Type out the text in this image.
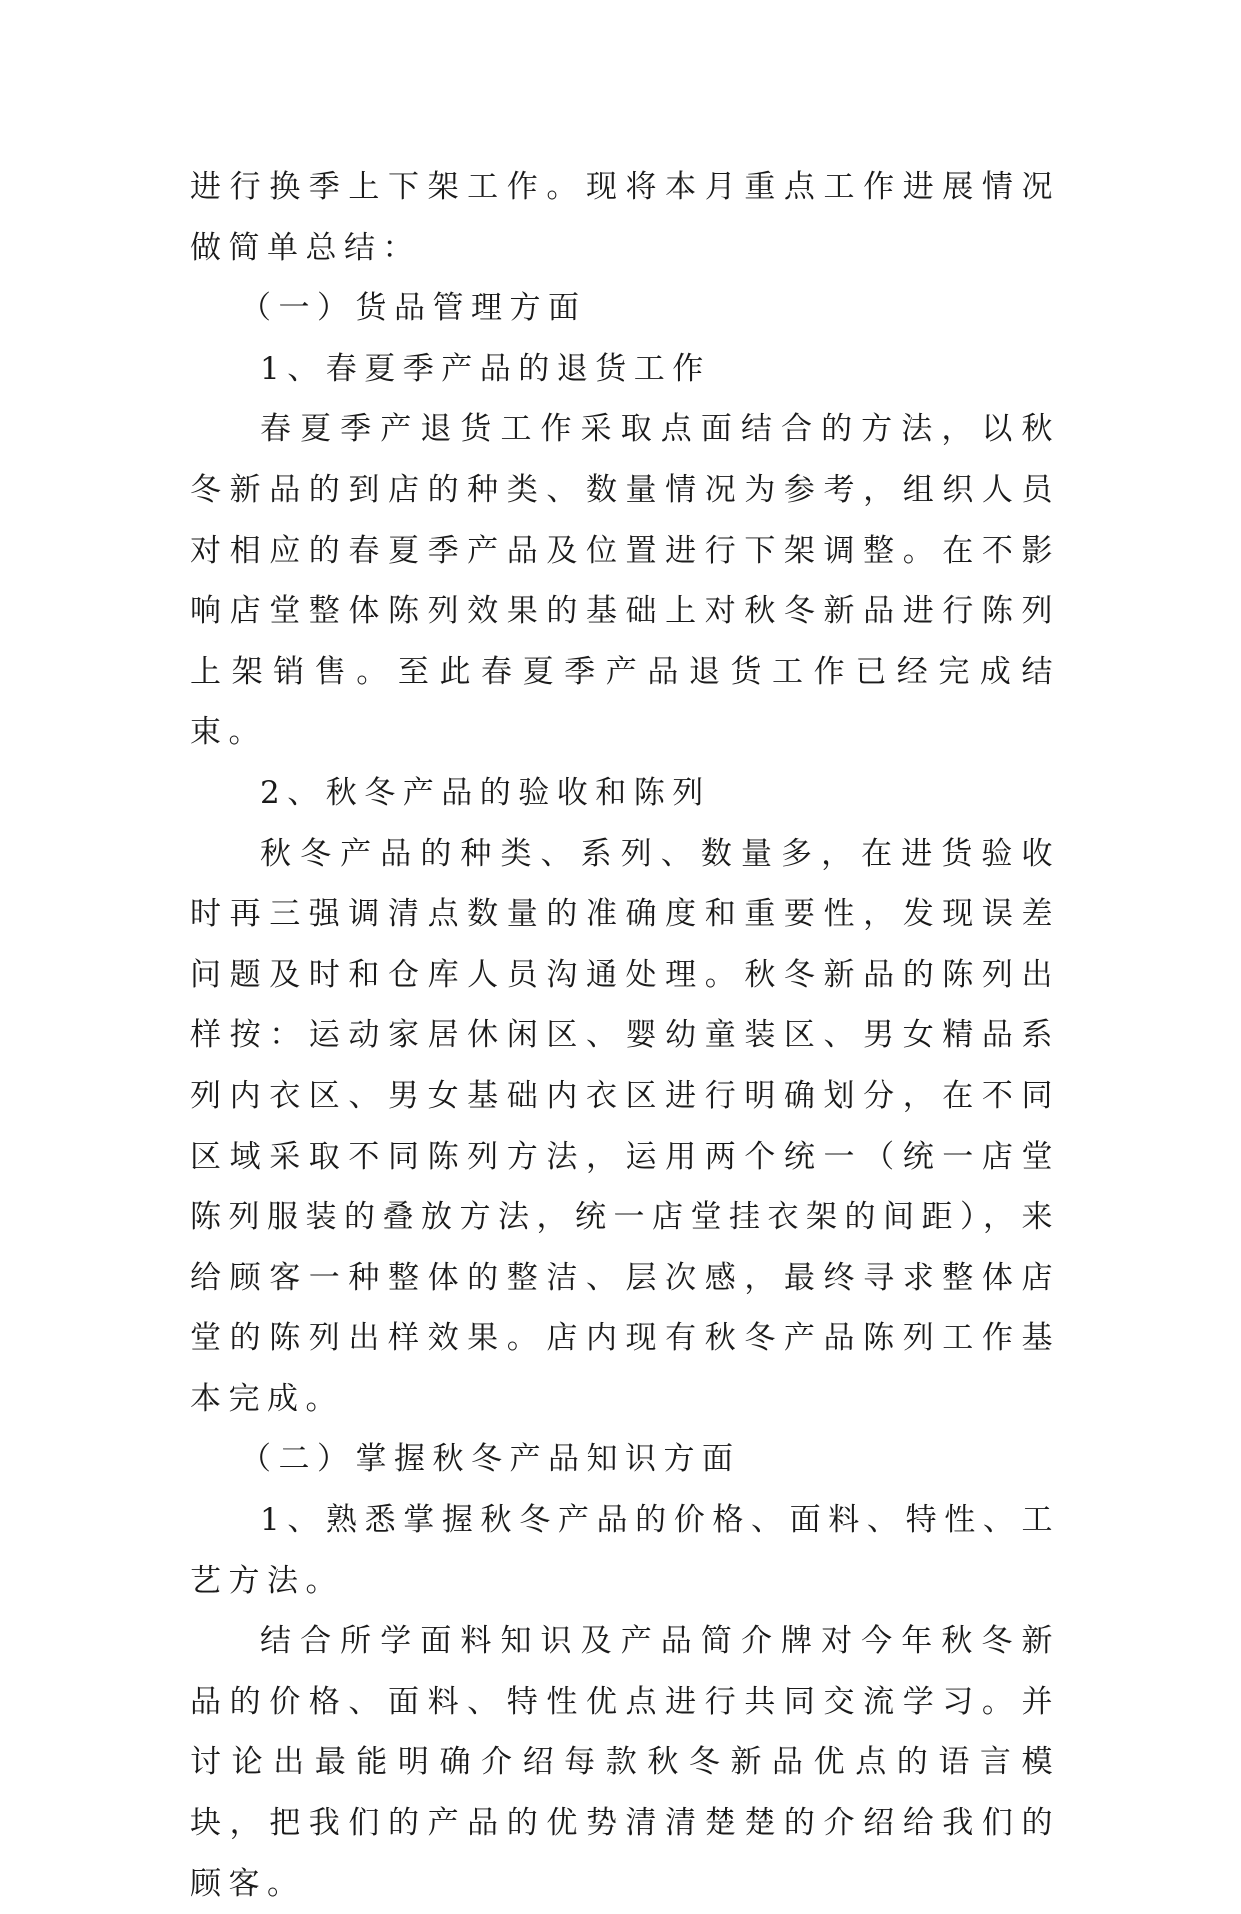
进行换季上下架工作。现将本月重点工作进展情况做简单总结：

（一）货品管理方面

1、春夏季产品的退货工作

春夏季产退货工作采取点面结合的方法，以秋冬新品的到店的种类、数量情况为参考，组织人员对相应的春夏季产品及位置进行下架调整。在不影响店堂整体陈列效果的基础上对秋冬新品进行陈列上架销售。至此春夏季产品退货工作已经完成结束。

2、秋冬产品的验收和陈列

秋冬产品的种类、系列、数量多，在进货验收时再三强调清点数量的准确度和重要性，发现误差问题及时和仓库人员沟通处理。秋冬新品的陈列出样按：运动家居休闲区、婴幼童装区、男女精品系列内衣区、男女基础内衣区进行明确划分，在不同区域采取不同陈列方法，运用两个统一（统一店堂陈列服装的叠放方法，统一店堂挂衣架的间距），来给顾客一种整体的整洁、层次感，最终寻求整体店堂的陈列出样效果。店内现有秋冬产品陈列工作基本完成。

（二）掌握秋冬产品知识方面

1、熟悉掌握秋冬产品的价格、面料、特性、工艺方法。

结合所学面料知识及产品简介牌对今年秋冬新品的价格、面料、特性优点进行共同交流学习。并讨论出最能明确介绍每款秋冬新品优点的语言模块，把我们的产品的优势清清楚楚的介绍给我们的顾客。
